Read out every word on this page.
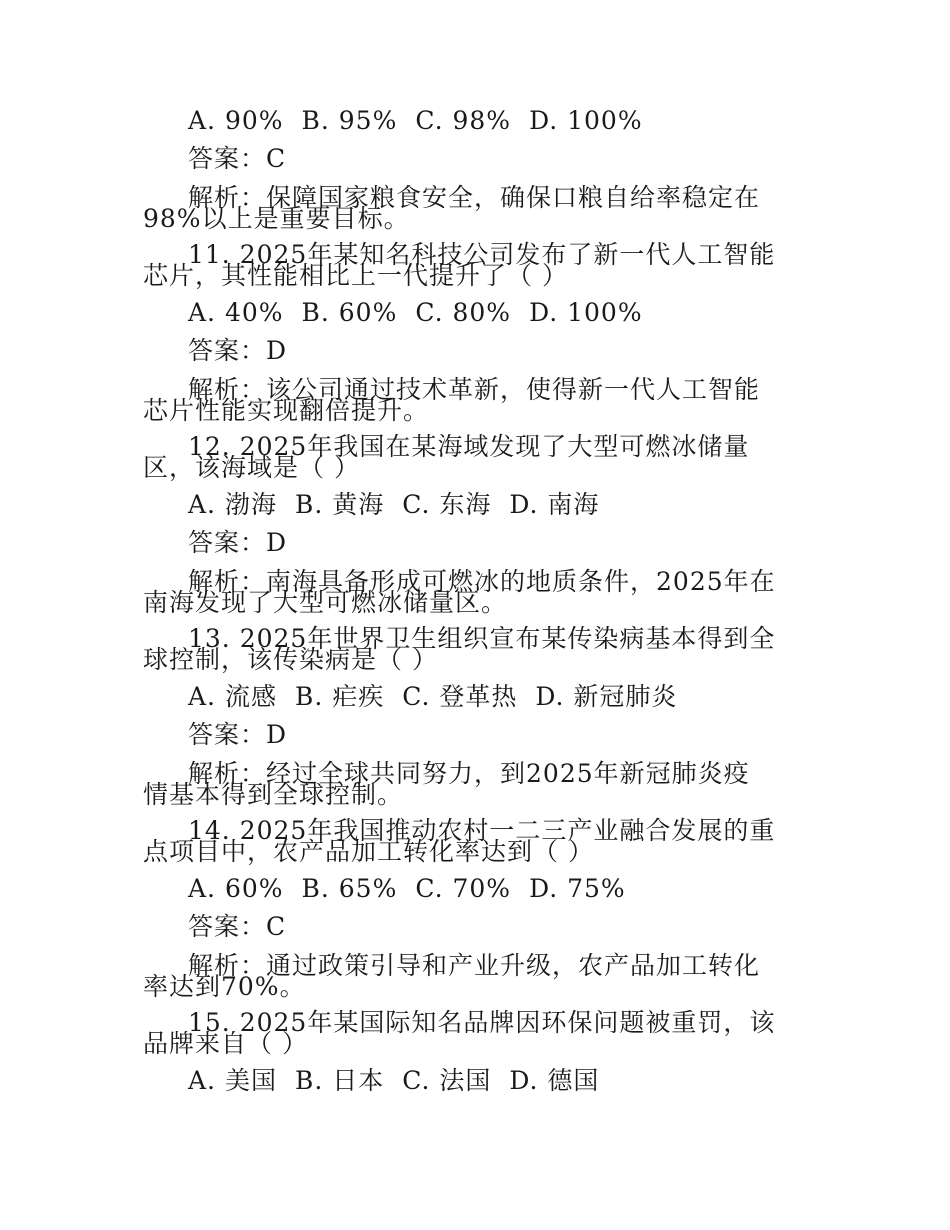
A. 90% B. 95% C. 98% D. 100%
答案：C
解析：保障国家粮食安全，确保口粮自给率稳定在
98%以上是重要目标。
11. 2025年某知名科技公司发布了新一代人工智能
芯片，其性能相比上一代提升了（ ）
A. 40% B. 60% C. 80% D. 100%
答案：D
解析：该公司通过技术革新，使得新一代人工智能
芯片性能实现翻倍提升。
12. 2025年我国在某海域发现了大型可燃冰储量
区，该海域是（ ）
A. 渤海 B. 黄海 C. 东海 D. 南海
答案：D
解析：南海具备形成可燃冰的地质条件，2025年在
南海发现了大型可燃冰储量区。
13. 2025年世界卫生组织宣布某传染病基本得到全
球控制，该传染病是（ ）
A. 流感 B. 疟疾 C. 登革热 D. 新冠肺炎
答案：D
解析：经过全球共同努力，到2025年新冠肺炎疫
情基本得到全球控制。
14. 2025年我国推动农村一二三产业融合发展的重
点项目中，农产品加工转化率达到（ ）
A. 60% B. 65% C. 70% D. 75%
答案：C
解析：通过政策引导和产业升级，农产品加工转化
率达到70%。
15. 2025年某国际知名品牌因环保问题被重罚，该
品牌来自（ ）
A. 美国 B. 日本 C. 法国 D. 德国
